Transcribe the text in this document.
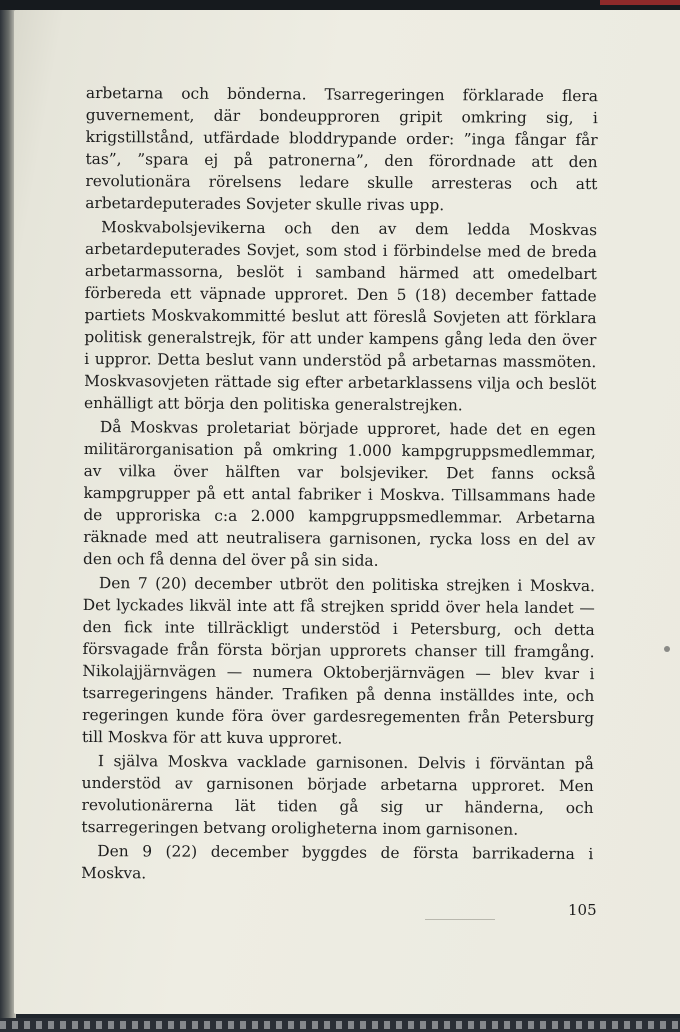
arbetarna och bönderna. Tsarregeringen förklarade flera guvernement, där bondeupproren gripit omkring sig, i krigstillstånd, utfärdade bloddrypande order: ”inga fångar får tas”, ”spara ej på patronerna”, den förordnade att den revolutionära rörelsens ledare skulle arresteras och att arbetardeputerades Sovjeter skulle rivas upp.

Moskvabolsjevikerna och den av dem ledda Moskvas arbetardeputerades Sovjet, som stod i förbindelse med de breda arbetarmassorna, beslöt i samband härmed att omedelbart förbereda ett väpnade upproret. Den 5 (18) december fattade partiets Moskvakommitté beslut att föreslå Sovjeten att förklara politisk generalstrejk, för att under kampens gång leda den över i uppror. Detta beslut vann understöd på arbetarnas massmöten. Moskvasovjeten rättade sig efter arbetarklassens vilja och beslöt enhälligt att börja den politiska generalstrejken.

Då Moskvas proletariat började upproret, hade det en egen militärorganisation på omkring 1.000 kampgruppsmedlemmar, av vilka över hälften var bolsjeviker. Det fanns också kampgrupper på ett antal fabriker i Moskva. Tillsammans hade de upproriska c:a 2.000 kampgruppsmedlemmar. Arbetarna räknade med att neutralisera garnisonen, rycka loss en del av den och få denna del över på sin sida.

Den 7 (20) december utbröt den politiska strejken i Moskva. Det lyckades likväl inte att få strejken spridd över hela landet — den fick inte tillräckligt understöd i Petersburg, och detta försvagade från första början upprorets chanser till framgång. Nikolajjärnvägen — numera Oktoberjärnvägen — blev kvar i tsarregeringens händer. Trafiken på denna inställdes inte, och regeringen kunde föra över gardesregementen från Petersburg till Moskva för att kuva upproret.

I själva Moskva vacklade garnisonen. Delvis i förväntan på understöd av garnisonen började arbetarna upproret. Men revolutionärerna lät tiden gå sig ur händerna, och tsarregeringen betvang oroligheterna inom garnisonen.

Den 9 (22) december byggdes de första barrikaderna i Moskva.

105
